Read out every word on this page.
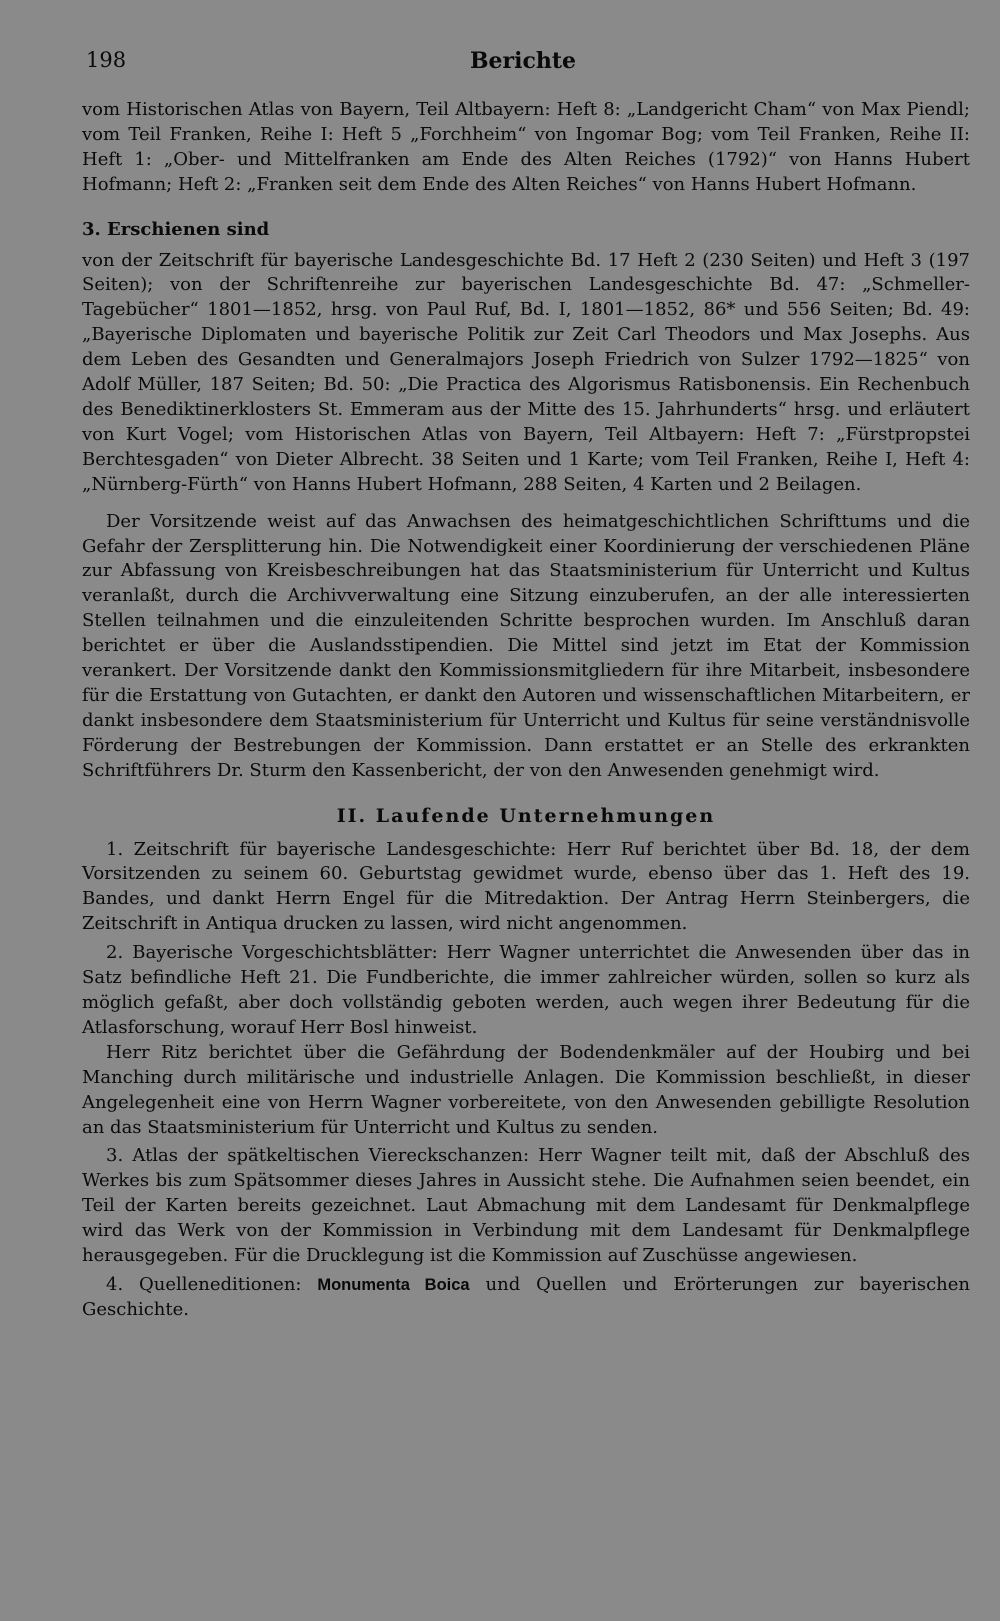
198	Berichte

vom Historischen Atlas von Bayern, Teil Altbayern: Heft 8: „Landgericht Cham“ von Max Piendl; vom Teil Franken, Reihe I: Heft 5 „Forchheim“ von Ingomar Bog; vom Teil Franken, Reihe II: Heft 1: „Ober- und Mittelfranken am Ende des Alten Reiches (1792)“ von Hanns Hubert Hofmann; Heft 2: „Franken seit dem Ende des Alten Reiches“ von Hanns Hubert Hofmann.

3. Erschienen sind

von der Zeitschrift für bayerische Landesgeschichte Bd. 17 Heft 2 (230 Seiten) und Heft 3 (197 Seiten); von der Schriftenreihe zur bayerischen Landesgeschichte Bd. 47: „Schmeller-Tagebücher“ 1801—1852, hrsg. von Paul Ruf, Bd. I, 1801—1852, 86* und 556 Seiten; Bd. 49: „Bayerische Diplomaten und bayerische Politik zur Zeit Carl Theodors und Max Josephs. Aus dem Leben des Gesandten und Generalmajors Joseph Friedrich von Sulzer 1792—1825“ von Adolf Müller, 187 Seiten; Bd. 50: „Die Practica des Algorismus Ratisbonensis. Ein Rechenbuch des Benediktinerklosters St. Emmeram aus der Mitte des 15. Jahrhunderts“ hrsg. und erläutert von Kurt Vogel; vom Historischen Atlas von Bayern, Teil Altbayern: Heft 7: „Fürstpropstei Berchtesgaden“ von Dieter Albrecht. 38 Seiten und 1 Karte; vom Teil Franken, Reihe I, Heft 4: „Nürnberg-Fürth“ von Hanns Hubert Hofmann, 288 Seiten, 4 Karten und 2 Beilagen.

Der Vorsitzende weist auf das Anwachsen des heimatgeschichtlichen Schrifttums und die Gefahr der Zersplitterung hin. Die Notwendigkeit einer Koordinierung der verschiedenen Pläne zur Abfassung von Kreisbeschreibungen hat das Staatsministerium für Unterricht und Kultus veranlaßt, durch die Archivverwaltung eine Sitzung einzuberufen, an der alle interessierten Stellen teilnahmen und die einzuleitenden Schritte besprochen wurden. Im Anschluß daran berichtet er über die Auslandsstipendien. Die Mittel sind jetzt im Etat der Kommission verankert. Der Vorsitzende dankt den Kommissionsmitgliedern für ihre Mitarbeit, insbesondere für die Erstattung von Gutachten, er dankt den Autoren und wissenschaftlichen Mitarbeitern, er dankt insbesondere dem Staatsministerium für Unterricht und Kultus für seine verständnisvolle Förderung der Bestrebungen der Kommission. Dann erstattet er an Stelle des erkrankten Schriftführers Dr. Sturm den Kassenbericht, der von den Anwesenden genehmigt wird.

II. Laufende Unternehmungen

1. Zeitschrift für bayerische Landesgeschichte: Herr Ruf berichtet über Bd. 18, der dem Vorsitzenden zu seinem 60. Geburtstag gewidmet wurde, ebenso über das 1. Heft des 19. Bandes, und dankt Herrn Engel für die Mitredaktion. Der Antrag Herrn Steinbergers, die Zeitschrift in Antiqua drucken zu lassen, wird nicht angenommen.

2. Bayerische Vorgeschichtsblätter: Herr Wagner unterrichtet die Anwesenden über das in Satz befindliche Heft 21. Die Fundberichte, die immer zahlreicher würden, sollen so kurz als möglich gefaßt, aber doch vollständig geboten werden, auch wegen ihrer Bedeutung für die Atlasforschung, worauf Herr Bosl hinweist.

Herr Ritz berichtet über die Gefährdung der Bodendenkmäler auf der Houbirg und bei Manching durch militärische und industrielle Anlagen. Die Kommission beschließt, in dieser Angelegenheit eine von Herrn Wagner vorbereitete, von den Anwesenden gebilligte Resolution an das Staatsministerium für Unterricht und Kultus zu senden.

3. Atlas der spätkeltischen Viereckschanzen: Herr Wagner teilt mit, daß der Abschluß des Werkes bis zum Spätsommer dieses Jahres in Aussicht stehe. Die Aufnahmen seien beendet, ein Teil der Karten bereits gezeichnet. Laut Abmachung mit dem Landesamt für Denkmalpflege wird das Werk von der Kommission in Verbindung mit dem Landesamt für Denkmalpflege herausgegeben. Für die Drucklegung ist die Kommission auf Zuschüsse angewiesen.

4. Quelleneditionen: Monumenta Boica und Quellen und Erörterungen zur bayerischen Geschichte.
